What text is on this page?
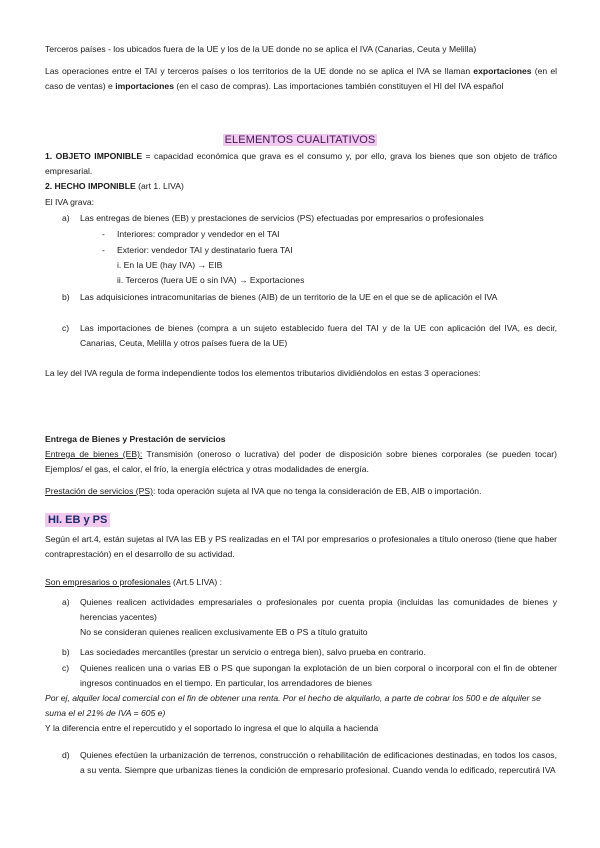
Terceros países - los ubicados fuera de la UE y los de la UE donde no se aplica el IVA (Canarias, Ceuta y Melilla)

Las operaciones entre el TAI y terceros países o los territorios de la UE donde no se aplica el IVA se llaman exportaciones (en el caso de ventas) e importaciones (en el caso de compras). Las importaciones también constituyen el HI del IVA español

ELEMENTOS CUALITATIVOS

1. OBJETO IMPONIBLE = capacidad económica que grava es el consumo y, por ello, grava los bienes que son objeto de tráfico empresarial.

2. HECHO IMPONIBLE (art 1. LIVA)

El IVA grava:

a)	Las entregas de bienes (EB) y prestaciones de servicios (PS) efectuadas por empresarios o profesionales

-	Interiores: comprador y vendedor en el TAI

-	Exterior: vendedor TAI y destinatario fuera TAI

i. En la UE (hay IVA) → EIB

ii. Terceros (fuera UE o sin IVA) → Exportaciones

b)	Las adquisiciones intracomunitarias de bienes (AIB) de un territorio de la UE en el que se de aplicación el IVA

c)	Las importaciones de bienes (compra a un sujeto establecido fuera del TAI y de la UE con aplicación del IVA, es decir, Canarias, Ceuta, Melilla y otros países fuera de la UE)

La ley del IVA regula de forma independiente todos los elementos tributarios dividiéndolos en estas 3 operaciones:

Entrega de Bienes y Prestación de servicios

Entrega de bienes (EB): Transmisión (oneroso o lucrativa) del poder de disposición sobre bienes corporales (se pueden tocar) Ejemplos/ el gas, el calor, el frío, la energía eléctrica y otras modalidades de energía.

Prestación de servicios (PS): toda operación sujeta al IVA que no tenga la consideración de EB, AIB o importación.

HI. EB y PS

Según el art.4, están sujetas al IVA las EB y PS realizadas en el TAI por empresarios o profesionales a título oneroso (tiene que haber contraprestación) en el desarrollo de su actividad.

Son empresarios o profesionales (Art.5 LIVA) :

a)	Quienes realicen actividades empresariales o profesionales por cuenta propia (incluidas las comunidades de bienes y herencias yacentes)

No se consideran quienes realicen exclusivamente EB o PS a título gratuito

b)	Las sociedades mercantiles (prestar un servicio o entrega bien), salvo prueba en contrario.

c)	Quienes realicen una o varias EB o PS que supongan la explotación de un bien corporal o incorporal con el fin de obtener ingresos continuados en el tiempo. En particular, los arrendadores de bienes

Por ej, alquiler local comercial con el fin de obtener una renta. Por el hecho de alquilarlo, a parte de cobrar los 500 e de alquiler se suma el el 21% de IVA = 605 e)

Y la diferencia entre el repercutido y el soportado lo ingresa el que lo alquila a hacienda

d)	Quienes efectúen la urbanización de terrenos, construcción o rehabilitación de edificaciones destinadas, en todos los casos, a su venta. Siempre que urbanizas tienes la condición de empresario profesional. Cuando venda lo edificado, repercutirá IVA
